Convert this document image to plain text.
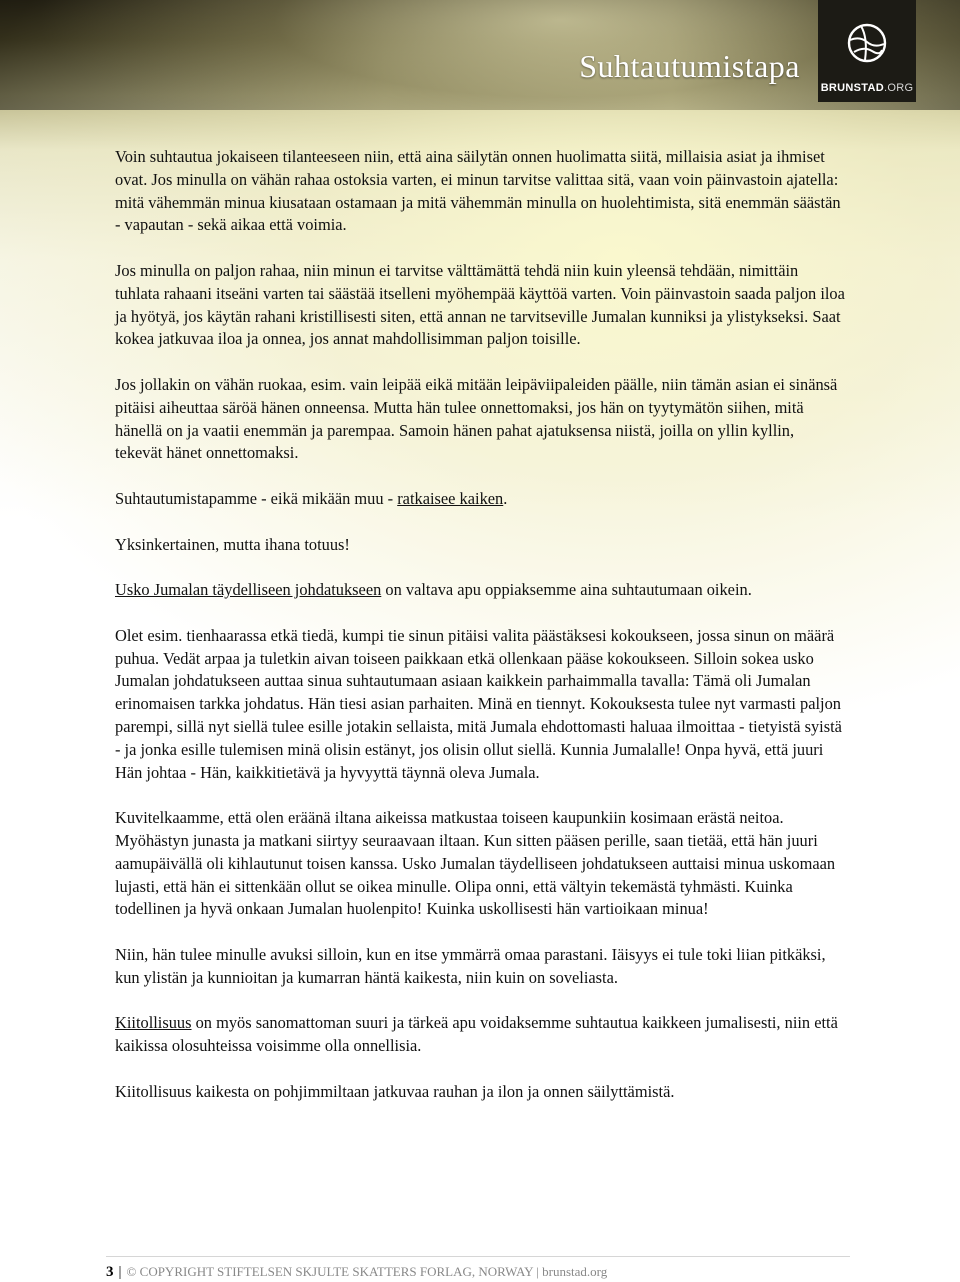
Suhtautumistapa
BRUNSTAD.ORG

Voin suhtautua jokaiseen tilanteeseen niin, että aina säilytän onnen huolimatta siitä, millaisia asiat ja ihmiset ovat. Jos minulla on vähän rahaa ostoksia varten, ei minun tarvitse valittaa sitä, vaan voin päinvastoin ajatella: mitä vähemmän minua kiusataan ostamaan ja mitä vähemmän minulla on huolehtimista, sitä enemmän säästän - vapautan - sekä aikaa että voimia.

Jos minulla on paljon rahaa, niin minun ei tarvitse välttämättä tehdä niin kuin yleensä tehdään, nimittäin tuhlata rahaani itseäni varten tai säästää itselleni myöhempää käyttöä varten. Voin päinvastoin saada paljon iloa ja hyötyä, jos käytän rahani kristillisesti siten, että annan ne tarvitseville Jumalan kunniksi ja ylistykseksi. Saat kokea jatkuvaa iloa ja onnea, jos annat mahdollisimman paljon toisille.

Jos jollakin on vähän ruokaa, esim. vain leipää eikä mitään leipäviipaleiden päälle, niin tämän asian ei sinänsä pitäisi aiheuttaa säröä hänen onneensa. Mutta hän tulee onnettomaksi, jos hän on tyytymätön siihen, mitä hänellä on ja vaatii enemmän ja parempaa. Samoin hänen pahat ajatuksensa niistä, joilla on yllin kyllin, tekevät hänet onnettomaksi.

Suhtautumistapamme - eikä mikään muu - ratkaisee kaiken.

Yksinkertainen, mutta ihana totuus!

Usko Jumalan täydelliseen johdatukseen on valtava apu oppiaksemme aina suhtautumaan oikein.

Olet esim. tienhaarassa etkä tiedä, kumpi tie sinun pitäisi valita päästäksesi kokoukseen, jossa sinun on määrä puhua. Vedät arpaa ja tuletkin aivan toiseen paikkaan etkä ollenkaan pääse kokoukseen. Silloin sokea usko Jumalan johdatukseen auttaa sinua suhtautumaan asiaan kaikkein parhaimmalla tavalla: Tämä oli Jumalan erinomaisen tarkka johdatus. Hän tiesi asian parhaiten. Minä en tiennyt. Kokouksesta tulee nyt varmasti paljon parempi, sillä nyt siellä tulee esille jotakin sellaista, mitä Jumala ehdottomasti haluaa ilmoittaa - tietyistä syistä - ja jonka esille tulemisen minä olisin estänyt, jos olisin ollut siellä. Kunnia Jumalalle! Onpa hyvä, että juuri Hän johtaa - Hän, kaikkitietävä ja hyvyyttä täynnä oleva Jumala.

Kuvitelkaamme, että olen eräänä iltana aikeissa matkustaa toiseen kaupunkiin kosimaan erästä neitoa. Myöhästyn junasta ja matkani siirtyy seuraavaan iltaan. Kun sitten pääsen perille, saan tietää, että hän juuri aamupäivällä oli kihlautunut toisen kanssa. Usko Jumalan täydelliseen johdatukseen auttaisi minua uskomaan lujasti, että hän ei sittenkään ollut se oikea minulle. Olipa onni, että vältyin tekemästä tyhmästi. Kuinka todellinen ja hyvä onkaan Jumalan huolenpito! Kuinka uskollisesti hän vartioikaan minua!

Niin, hän tulee minulle avuksi silloin, kun en itse ymmärrä omaa parastani. Iäisyys ei tule toki liian pitkäksi, kun ylistän ja kunnioitan ja kumarran häntä kaikesta, niin kuin on soveliasta.

Kiitollisuus on myös sanomattoman suuri ja tärkeä apu voidaksemme suhtautua kaikkeen jumalisesti, niin että kaikissa olosuhteissa voisimme olla onnellisia.

Kiitollisuus kaikesta on pohjimmiltaan jatkuvaa rauhan ja ilon ja onnen säilyttämistä.

3 | © COPYRIGHT STIFTELSEN SKJULTE SKATTERS FORLAG, NORWAY | brunstad.org
